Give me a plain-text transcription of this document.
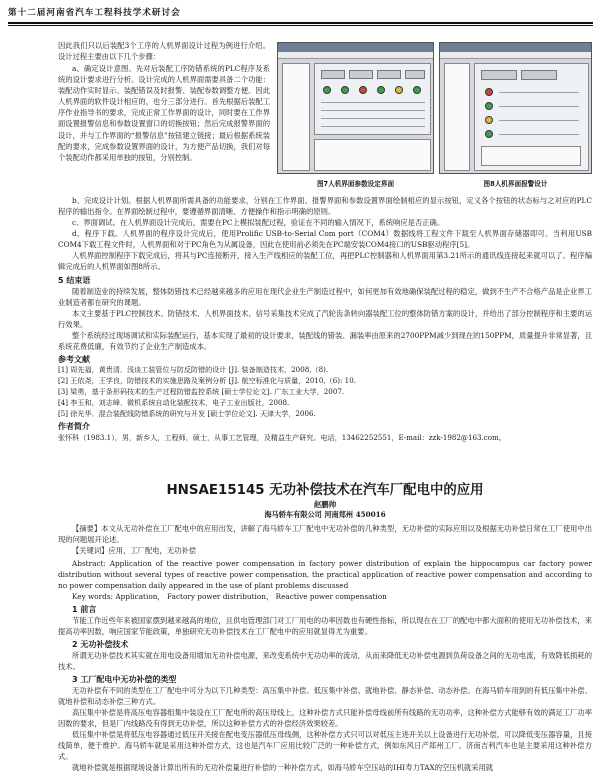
第十二届河南省汽车工程科技学术研讨会
因此我们只以后装配3个工序的人机界面设计过程为例进行介绍。设计过程主要由以下几个步骤：
a、确定设计意图。先对后装配工序防错系统的PLC程序及系统的设计要求进行分析。设计完成的人机界面需要具备二个功能：装配动作实时显示、装配错误及时报警、装配参数调整方便。因此人机界面的软件设计相应的，也分三部分进行。首先根据后装配工序作业指导书的要求，完成正常工作界面的设计，同时要在工作界面设置报警信息和参数设置窗口的切换按钮；然后完成报警界面的设计，并与工作界面的“报警信息”按钮建立链接；最后根据系统装配的要求，完成参数设置界面的设计，为方便产品切换，我们对每个装配动作都采用单独的按钮，分别控制。
图7人机界面参数设定界面	图8人机界面报警设计
b、完成设计计划。根据人机界面所需具备的功能要求，分别在工作界面、报警界面和参数设置界面绘制相应的显示按钮，定义各个按钮的状态标与之对应的PLC程序的输出指令。在界面绘制过程中，要遵循界面清晰、方便操作和指示明确的原则。
c、界面调试。在人机界面设计完成后，需要在PC上模拟装配过程，验证在不同的输入情况下，系统响应是否正确。
d、程序下载。人机界面的程序设计完成后，使用Prolific USB-to-Serial Com port（COM4）数据线将工程文件下载至人机界面存储器即可。当利用USB COM4下载工程文件时，人机界面和对于PC角色为从属设备，因此在使用前必须先在PC端安装COM4接口的USB驱动程序[5]。
人机界面控制程序下载完成后，将其与PC连接断开，接入生产线相应的装配工位，再把PLC控制器和人机界面用第3.21所示的通讯线连接起来就可以了。程序编辑完成后的人机界面如图8所示。
5 结束语
随着制造业的持续发展，整体防错技术已经越来越多的应用在现代企业生产制造过程中，如何更加有效地确保装配过程的稳定，做到不生产不合格产品是企业界工业制造者都在研究的课题。
本文主要基于PLC控制技术、防错技术、人机界面技术、信号采集技术完成了汽轮齿条转向器装配工位的整体防错方案的设计，并给出了部分控制程序和主要的运行效果。
整个系统经过现场调试和实际装配运行，基本实现了最初的设计要求，装配线的错装、漏装率由原来的2700PPM减少到现在的150PPM，质量提升非常显著，且系统花费低廉，有效节约了企业生产制造成本。
参考文献
[1] 周先福，黄贵清．浅谈工装管位与防反防错的设计 [J]. 装备制造技术，2008,（8).
[2] 王依尧，王学良，防错技术的实施思路及案例分析 [J]. 航空标准化与质量，2010,（6): 10.
[3] 梁勇，基于条形码技术的生产过程防错监控系统 [硕士学位论文]. 广东工业大学，2007.
[4] 李玉和，刘志峰．微机系统自动化装配技术．电子工业出版社，2008.
[5] 徐光华．混合装配线防错系统的研究与开发 [硕士学位论文]. 天津大学，2006.
作者简介
张怀科（1983.1），男，新乡人，工程师，硕士，从事工艺管理，及精益生产研究。电话，13462252551，E-mail：zzk-1982@163.com。
HNSAE15145 无功补偿技术在汽车厂配电中的应用
赵鹏帅
海马轿车有限公司 河南郑州 450016
【摘要】本文从无功补偿在工厂配电中的应用出发，讲解了海马轿车工厂配电中无功补偿的几种类型，无功补偿的实际应用以及根据无功补偿日常在工厂使用中出现的问题展开论述。
【关键词】应用，工厂配电，无功补偿
Abstract: Application of the reactive power compensation in factory power distribution of explain the hippocampus car factory power distribution without several types of reactive power compensation, the practical application of reactive power compensation and according to no power compensation daily appeared in the use of plant problems discussed
Key words: Application， Factory power distribution， Reactive power compensation
1 前言
节能工作近些年来被国家摆到越来越高的地位，且供电管理部门对工厂用电的功率因数也有硬性指标，所以现在在工厂的配电中都大面积的使用无功补偿技术，来提高功率因数，响应国家节能政策，单独研究无功补偿技术在工厂配电中的应用就显得尤为重要。
2 无功补偿技术
所谓无功补偿技术其实就在用电设备用增加无功补偿电源，来改变系统中无功功率的流动，从而来降低无功补偿电源到负荷设备之间的无功电流，有效降低损耗的技术。
3 工厂配电中无功补偿的类型
无功补偿有不同的类型在工厂配电中可分为以下几种类型：高压集中补偿、低压集中补偿、就地补偿、静态补偿、动态补偿。在海马轿车用到的有低压集中补偿、就地补偿和动态补偿三种方式。
高压集中补偿是将高压电容器组集中装设在工厂配电所的高压母线上，这种补偿方式只能补偿母线前所有线路的无功功率，这种补偿方式能够有效的满足工厂功率因数的要求，但是厂内线路没有得到无功补偿，所以这种补偿方式的补偿经济效果较差。
低压集中补偿是将低压电容器通过低压开关接在配电变压器低压母线侧，这种补偿方式只可以对低压主进开关以上设备进行无功补偿，可以降低变压器容量，且接线简单，便于维护。海马轿车就是采用这种补偿方式，这也是汽车厂应用比较广泛的一种补偿方式，例如东风日产郑州工厂、济南吉利汽车也是主要采用这种补偿方式。
就地补偿就是根据现场设备计算出所有的无功补偿量进行补偿的一种补偿方式，如海马轿车空压站的IHI寿力TAX的空压机就采用就
